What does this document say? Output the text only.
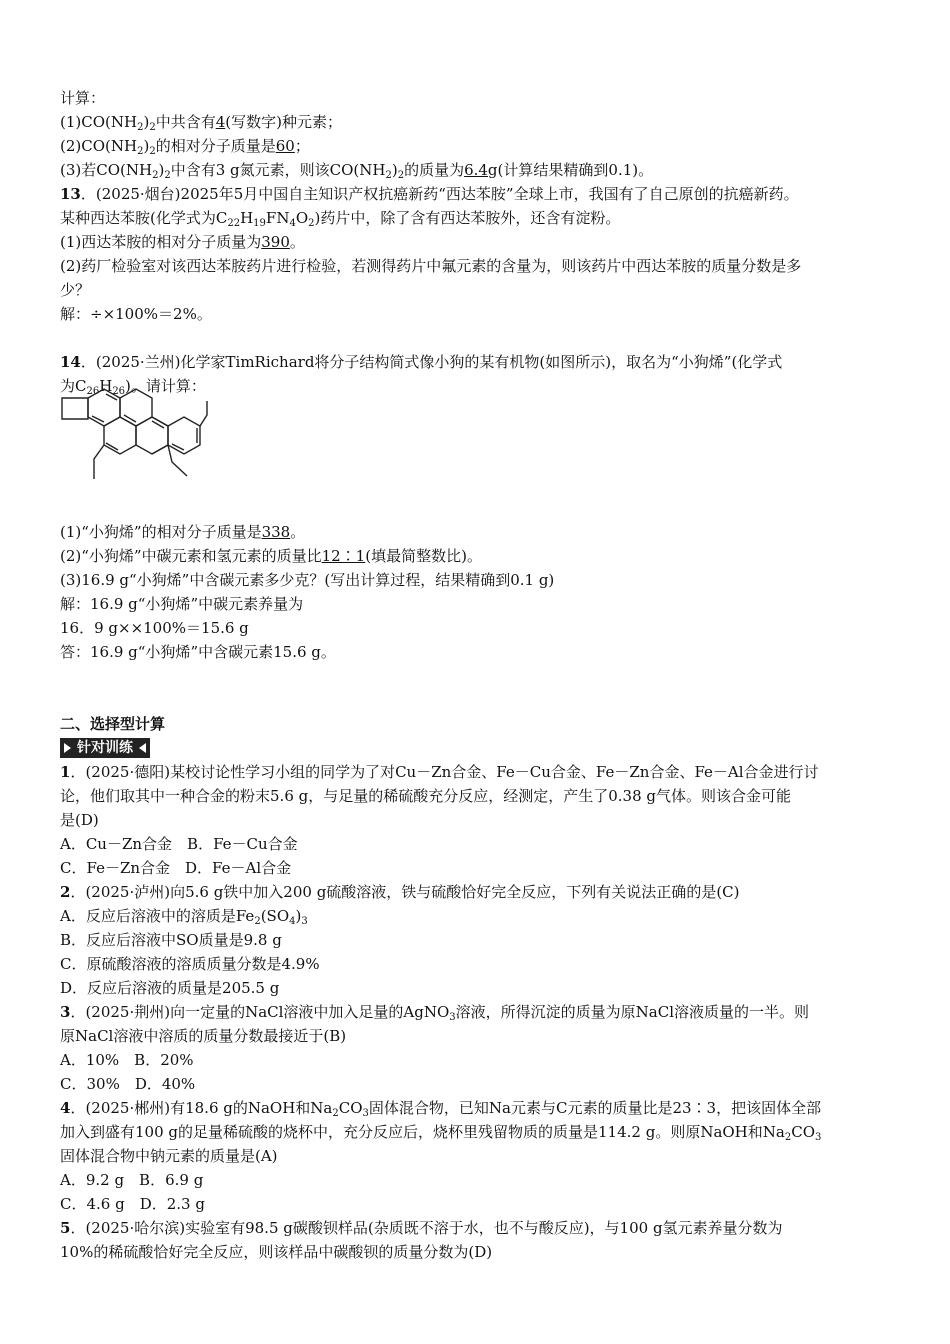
计算：
$(1)CO(NH_2)_2$中共含有4(写数字)种元素；
$(2)CO(NH_2)_2$的相对分子质量是60；
(3)若$CO(NH_2)_2$中含有3 g氮元素，则该$CO(NH_2)_2$的质量为6.4g(计算结果精确到0.1)。
13．(2025·烟台)2025年5月中国自主知识产权抗癌新药“西达苯胺”全球上市，我国有了自己原创的抗癌新药。
某种西达苯胺(化学式为$C_{22}H_{19}FN_4O_2$)药片中，除了含有西达苯胺外，还含有淀粉。
(1)西达苯胺的相对分子质量为390。
(2)药厂检验室对该西达苯胺药片进行检验，若测得药片中氟元素的含量为，则该药片中西达苯胺的质量分数是多
少？
解：÷×100%＝2%。
14．(2025·兰州)化学家TimRichard将分子结构简式像小狗的某有机物(如图所示)，取名为“小狗烯”(化学式
为$C_{26}H_{26}$)。请计算：
(1)“小狗烯”的相对分子质量是338。
(2)“小狗烯”中碳元素和氢元素的质量比12∶1(填最简整数比)。
(3)16.9 g“小狗烯”中含碳元素多少克？(写出计算过程，结果精确到0.1 g)
解：16.9 g“小狗烯”中碳元素养量为
16．9 g××100%＝15.6 g
答：16.9 g“小狗烯”中含碳元素15.6 g。
二、选择型计算
针对训练
1．(2025·德阳)某校讨论性学习小组的同学为了对Cu－Zn合金、Fe－Cu合金、Fe－Zn合金、Fe－Al合金进行讨
论，他们取其中一种合金的粉末5.6 g，与足量的稀硫酸充分反应，经测定，产生了0.38 g气体。则该合金可能
是(D)
A．Cu－Zn合金　B．Fe－Cu合金
C．Fe－Zn合金　D．Fe－Al合金
2．(2025·泸州)向5.6 g铁中加入200 g硫酸溶液，铁与硫酸恰好完全反应，下列有关说法正确的是(C)
A．反应后溶液中的溶质是$Fe_2(SO_4)_3$
B．反应后溶液中SO质量是9.8 g
C．原硫酸溶液的溶质质量分数是4.9%
D．反应后溶液的质量是205.5 g
3．(2025·荆州)向一定量的NaCl溶液中加入足量的AgNO$_3$溶液，所得沉淀的质量为原NaCl溶液质量的一半。则
原NaCl溶液中溶质的质量分数最接近于(B)
A．10%　B．20%
C．30%　D．40%
4．(2025·郴州)有18.6 g的NaOH和$Na_2CO_3$固体混合物，已知Na元素与C元素的质量比是23∶3，把该固体全部
加入到盛有100 g的足量稀硫酸的烧杯中，充分反应后，烧杯里残留物质的质量是114.2 g。则原NaOH和$Na_2CO_3$
固体混合物中钠元素的质量是(A)
A．9.2 g　B．6.9 g
C．4.6 g　D．2.3 g
5．(2025·哈尔滨)实验室有98.5 g碳酸钡样品(杂质既不溶于水，也不与酸反应)，与100 g氢元素养量分数为
10%的稀硫酸恰好完全反应，则该样品中碳酸钡的质量分数为(D)
